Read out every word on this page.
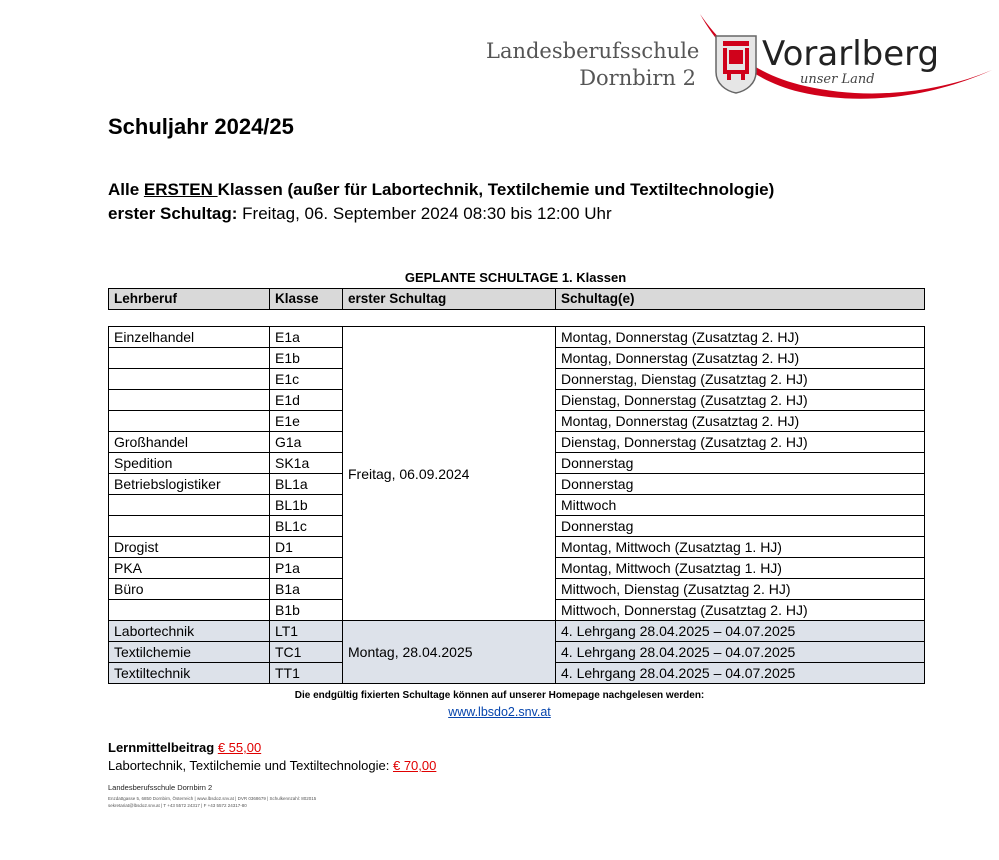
Landesberufsschule
Dornbirn 2
Vorarlberg
unser Land
Schuljahr 2024/25
Alle ERSTEN Klassen (außer für Labortechnik, Textilchemie und Textiltechnologie)
erster Schultag: Freitag, 06. September 2024 08:30 bis 12:00 Uhr
GEPLANTE SCHULTAGE 1. Klassen
Lehrberuf	Klasse	erster Schultag	Schultag(e)
Einzelhandel	E1a	Freitag, 06.09.2024	Montag, Donnerstag (Zusatztag 2. HJ)
	E1b		Montag, Donnerstag (Zusatztag 2. HJ)
	E1c		Donnerstag, Dienstag (Zusatztag 2. HJ)
	E1d		Dienstag, Donnerstag (Zusatztag 2. HJ)
	E1e		Montag, Donnerstag (Zusatztag 2. HJ)
Großhandel	G1a		Dienstag, Donnerstag (Zusatztag 2. HJ)
Spedition	SK1a		Donnerstag
Betriebslogistiker	BL1a		Donnerstag
	BL1b		Mittwoch
	BL1c		Donnerstag
Drogist	D1		Montag, Mittwoch (Zusatztag 1. HJ)
PKA	P1a		Montag, Mittwoch (Zusatztag 1. HJ)
Büro	B1a		Mittwoch, Dienstag (Zusatztag 2. HJ)
	B1b		Mittwoch, Donnerstag (Zusatztag 2. HJ)
Labortechnik	LT1	Montag, 28.04.2025	4. Lehrgang 28.04.2025 – 04.07.2025
Textilchemie	TC1		4. Lehrgang 28.04.2025 – 04.07.2025
Textiltechnik	TT1		4. Lehrgang 28.04.2025 – 04.07.2025
Die endgültig fixierten Schultage können auf unserer Homepage nachgelesen werden:
www.lbsdo2.snv.at
Lernmittelbeitrag € 55,00
Labortechnik, Textilchemie und Textiltechnologie: € 70,00
Landesberufsschule Dornbirn 2
Enzdattgasse 5, 6850 Dornbirn, Österreich | www.lbsdo2.snv.at | DVR 0368679 | Schulkennzahl: 802015
sekretariat@lbsdo2.snv.at | T +43 5572 24317 | F +43 5572 24317-80
